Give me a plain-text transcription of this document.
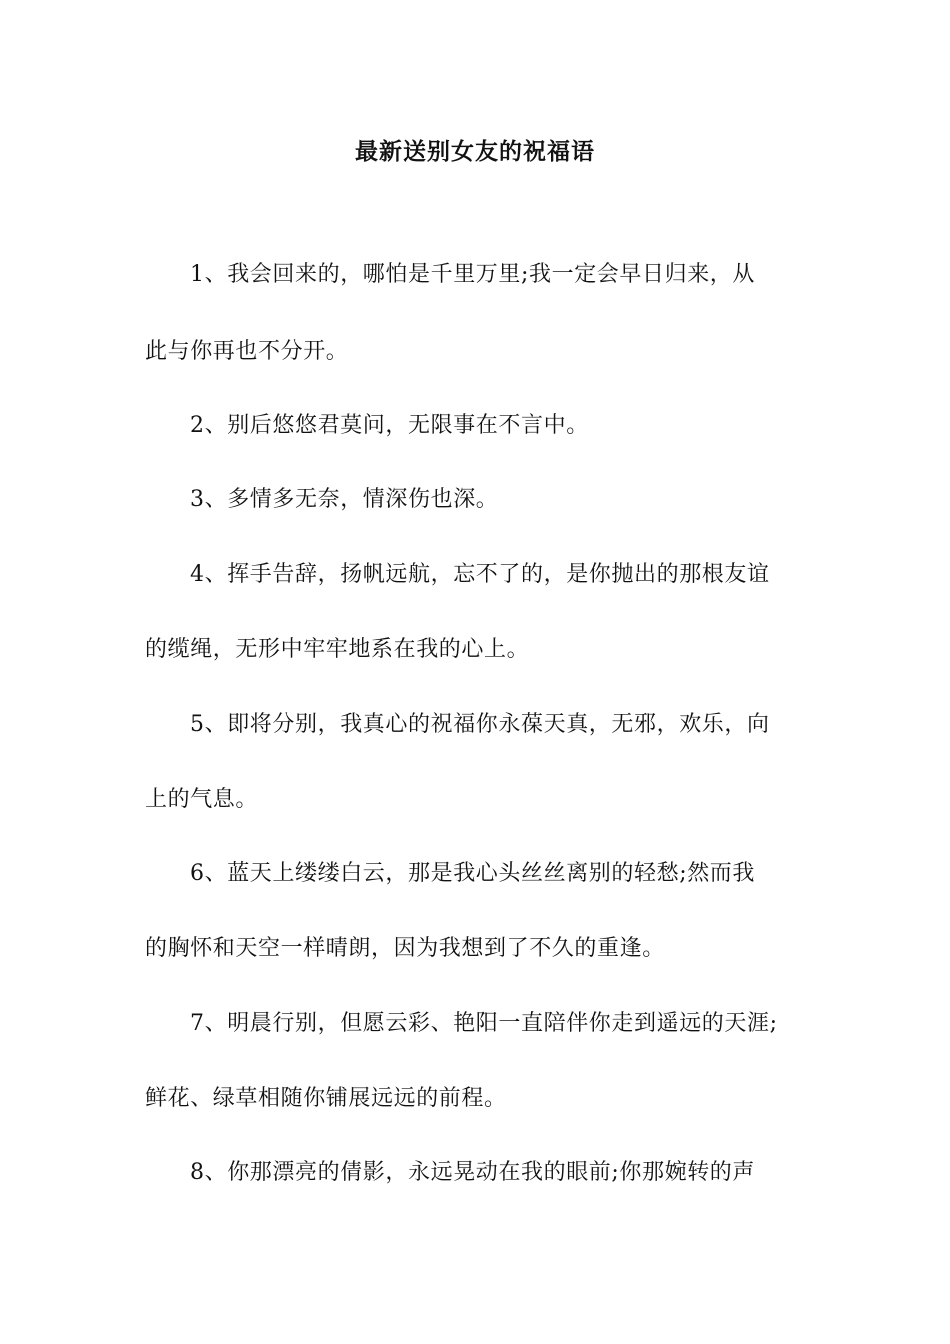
最新送别女友的祝福语
1、我会回来的，哪怕是千里万里;我一定会早日归来，从
此与你再也不分开。
2、别后悠悠君莫问，无限事在不言中。
3、多情多无奈，情深伤也深。
4、挥手告辞，扬帆远航，忘不了的，是你抛出的那根友谊
的缆绳，无形中牢牢地系在我的心上。
5、即将分别，我真心的祝福你永葆天真，无邪，欢乐，向
上的气息。
6、蓝天上缕缕白云，那是我心头丝丝离别的轻愁;然而我
的胸怀和天空一样晴朗，因为我想到了不久的重逢。
7、明晨行别，但愿云彩、艳阳一直陪伴你走到遥远的天涯;
鲜花、绿草相随你铺展远远的前程。
8、你那漂亮的倩影，永远晃动在我的眼前;你那婉转的声
